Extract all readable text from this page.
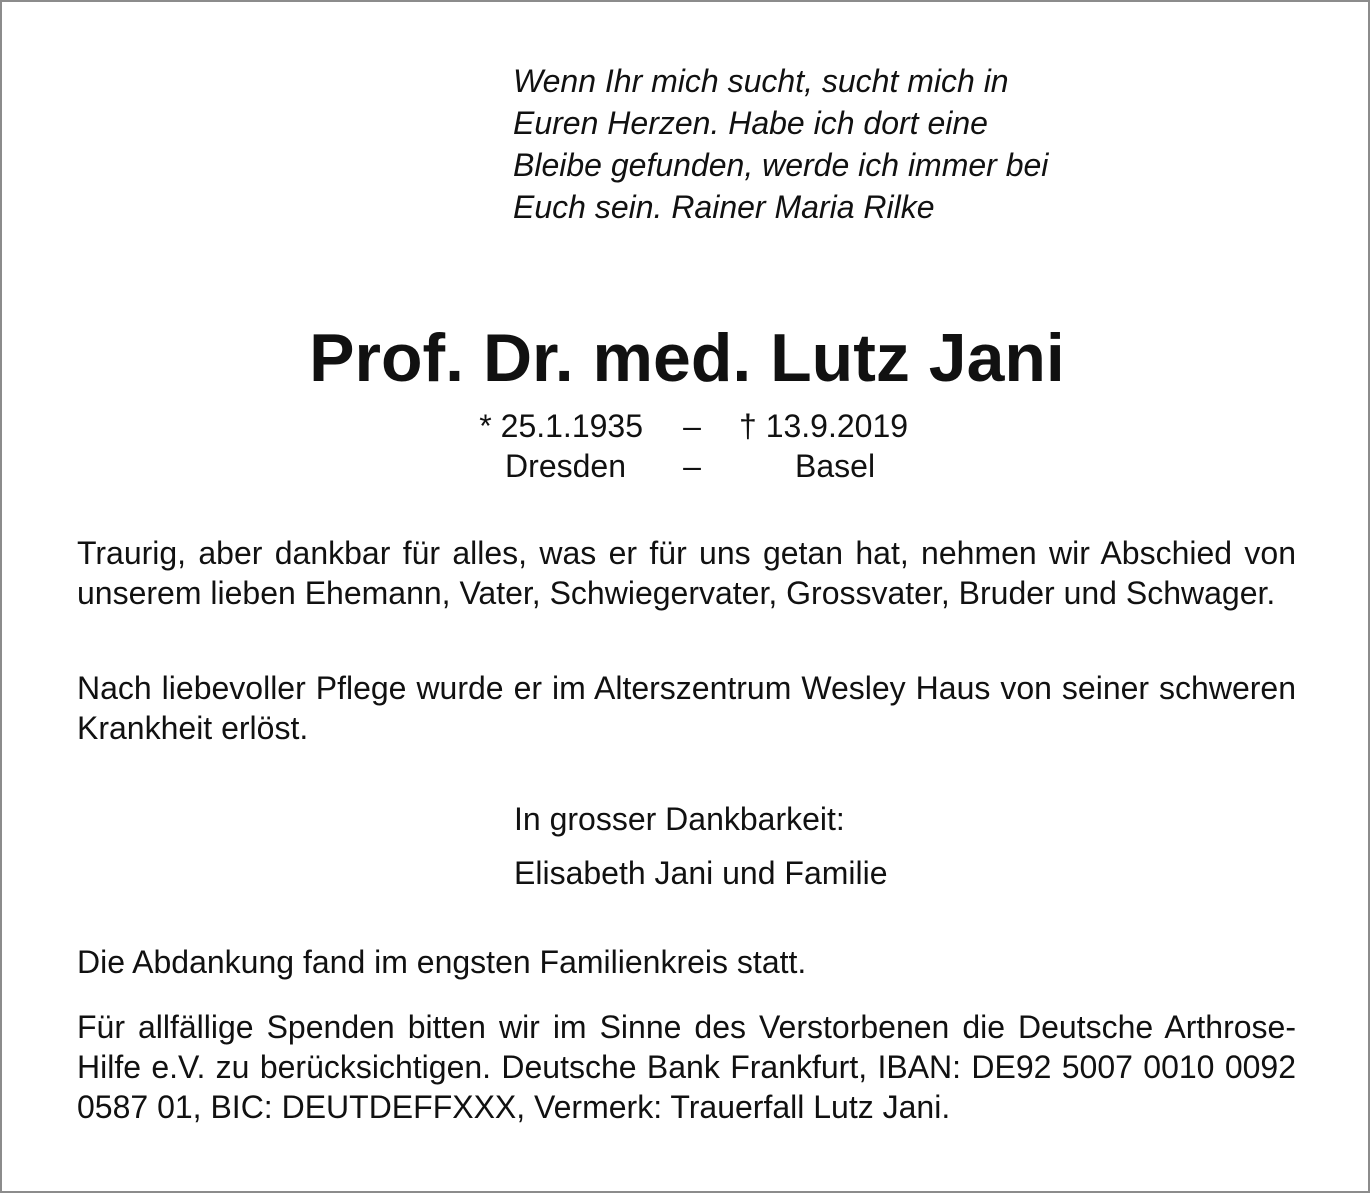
Wenn Ihr mich sucht, sucht mich in Euren Herzen. Habe ich dort eine Bleibe gefunden, werde ich immer bei Euch sein. Rainer Maria Rilke
Prof. Dr. med. Lutz Jani
* 25.1.1935 – † 13.9.2019
Dresden –	Basel
Traurig, aber dankbar für alles, was er für uns getan hat, nehmen wir Abschied von unserem lieben Ehemann, Vater, Schwiegervater, Grossvater, Bruder und Schwager.
Nach liebevoller Pflege wurde er im Alterszentrum Wesley Haus von seiner schweren Krankheit erlöst.
In grosser Dankbarkeit:
Elisabeth Jani und Familie
Die Abdankung fand im engsten Familienkreis statt.
Für allfällige Spenden bitten wir im Sinne des Verstorbenen die Deutsche Arthrose-Hilfe e.V. zu berücksichtigen. Deutsche Bank Frankfurt, IBAN: DE92 5007 0010 0092 0587 01, BIC: DEUTDEFFXXX, Vermerk: Trauerfall Lutz Jani.
